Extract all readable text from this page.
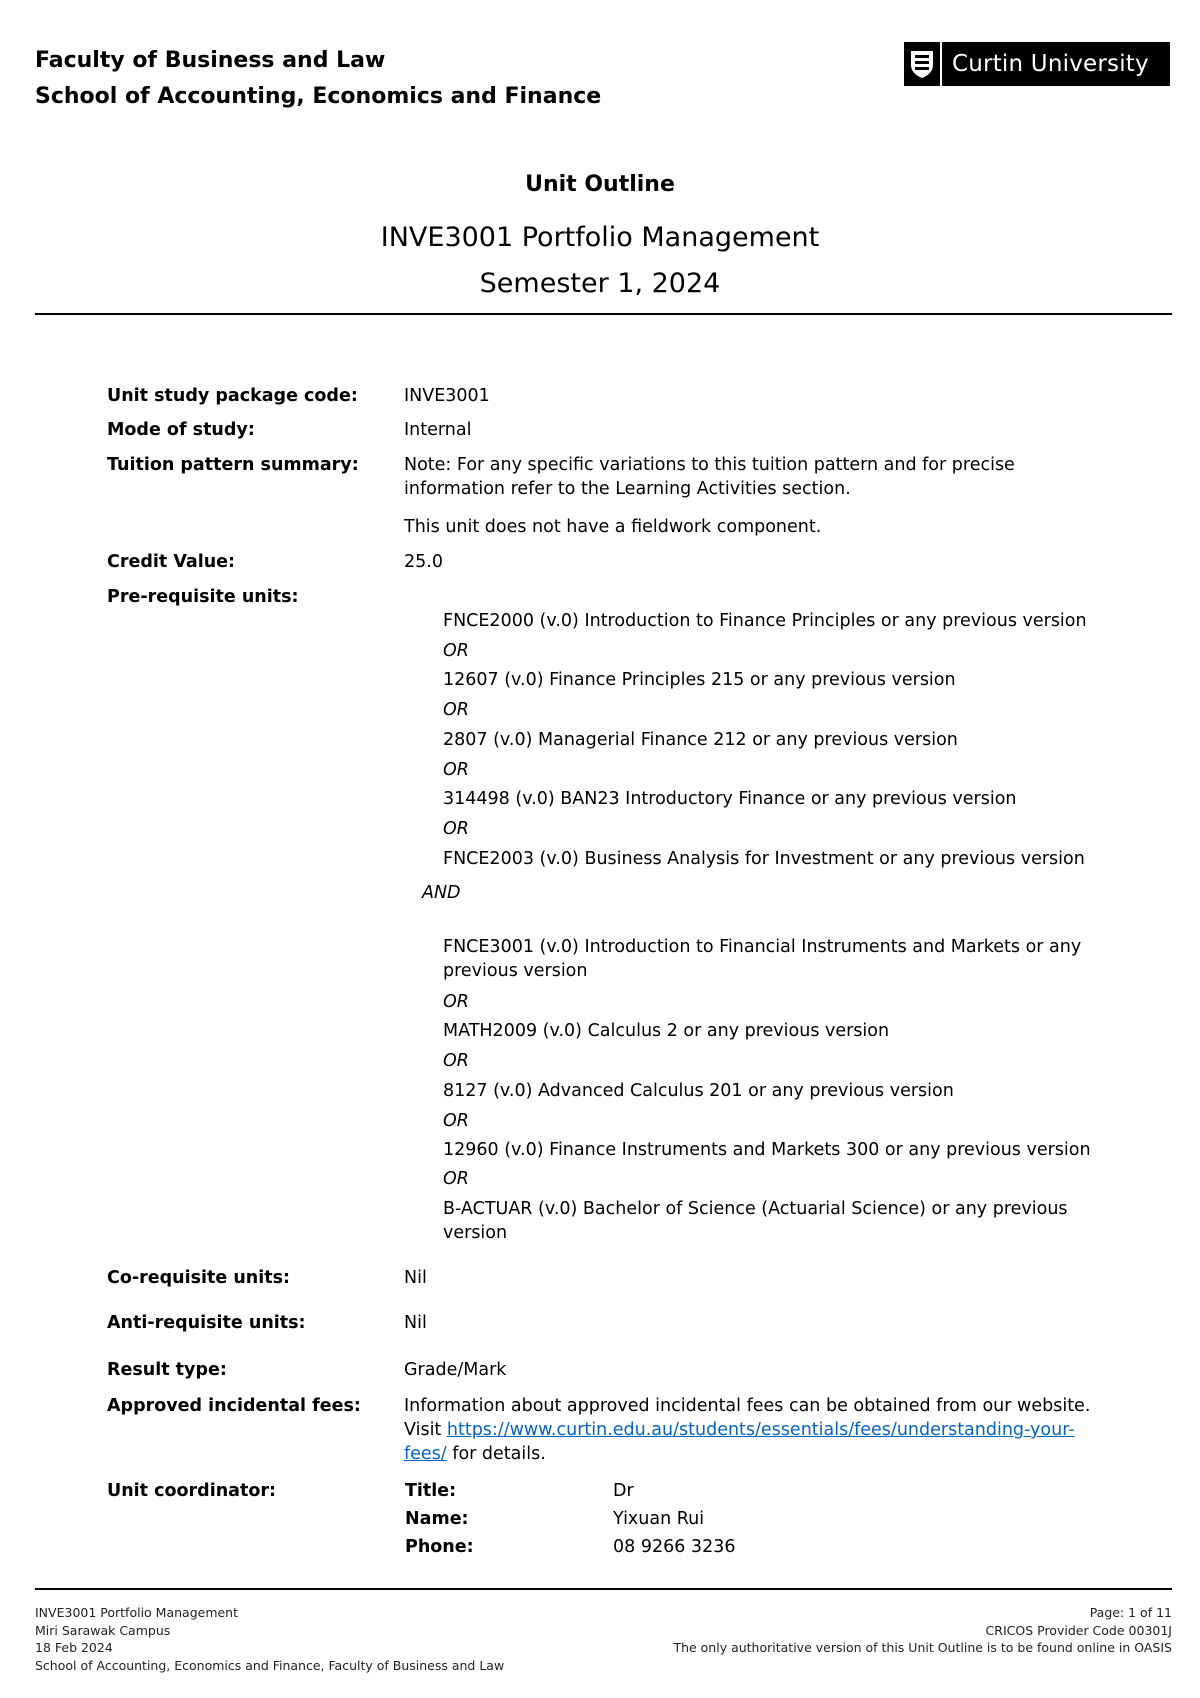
Faculty of Business and Law
School of Accounting, Economics and Finance
Curtin University
Unit Outline
INVE3001 Portfolio Management
Semester 1, 2024
Unit study package code:	INVE3001
Mode of study:	Internal
Tuition pattern summary:	Note: For any specific variations to this tuition pattern and for precise information refer to the Learning Activities section.
This unit does not have a fieldwork component.
Credit Value:	25.0
Pre-requisite units:
FNCE2000 (v.0) Introduction to Finance Principles or any previous version
OR
12607 (v.0) Finance Principles 215 or any previous version
OR
2807 (v.0) Managerial Finance 212 or any previous version
OR
314498 (v.0) BAN23 Introductory Finance or any previous version
OR
FNCE2003 (v.0) Business Analysis for Investment or any previous version
AND
FNCE3001 (v.0) Introduction to Financial Instruments and Markets or any previous version
OR
MATH2009 (v.0) Calculus 2 or any previous version
OR
8127 (v.0) Advanced Calculus 201 or any previous version
OR
12960 (v.0) Finance Instruments and Markets 300 or any previous version
OR
B-ACTUAR (v.0) Bachelor of Science (Actuarial Science) or any previous version
Co-requisite units:	Nil
Anti-requisite units:	Nil
Result type:	Grade/Mark
Approved incidental fees: Information about approved incidental fees can be obtained from our website.
Visit https://www.curtin.edu.au/students/essentials/fees/understanding-your-fees/ for details.
Unit coordinator:	Title:	Dr
Name:	Yixuan Rui
Phone:	08 9266 3236
INVE3001 Portfolio Management
Miri Sarawak Campus
18 Feb 2024
School of Accounting, Economics and Finance, Faculty of Business and Law
Page: 1 of 11
CRICOS Provider Code 00301J
The only authoritative version of this Unit Outline is to be found online in OASIS
